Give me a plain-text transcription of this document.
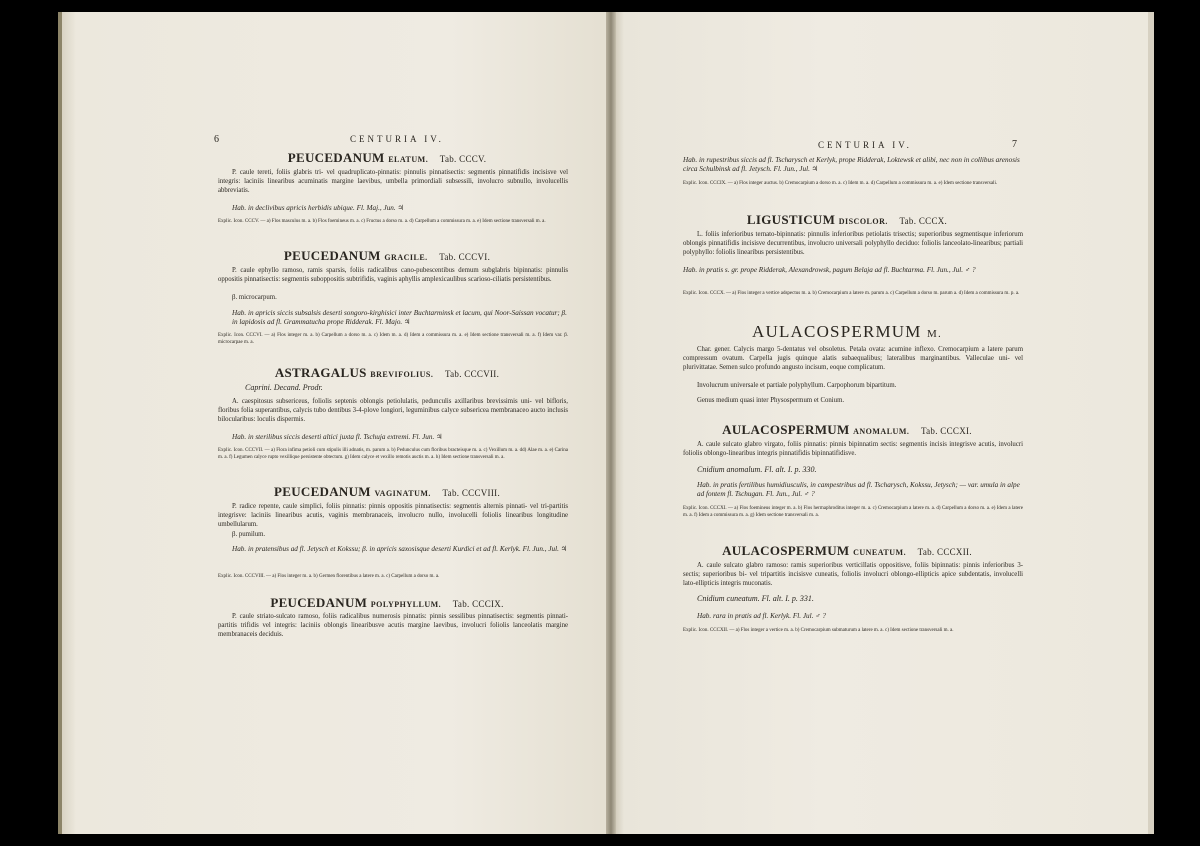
6	CENTURIA IV.
PEUCEDANUM ELATUM. Tab. CCCV.

P. caule tereti, foliis glabris tri- vel quadruplicato-pinnatis: pinnulis pinnatisectis: segmentis pinnatifidis incisisve vel integris: laciniis linearibus acuminatis margine laevibus, umbella primordiali subsessili, involucro subnullo, involucellis abbreviatis.

Hab. in declivibus apricis herbidis ubique. Fl. Maj., Jun. ♃

Explic. Icon. CCCV. — a) Flos masculus m. a. b) Flos foemineus m. a. c) Fructus a dorso m. a. d) Carpellum a commissura m. a. e) Idem sectione transversali m. a.

PEUCEDANUM GRACILE. Tab. CCCVI.

P. caule ephyllo ramoso, ramis sparsis, foliis radicalibus cano-pubescentibus demum subglabris bipinnatis: pinnulis oppositis pinnatisectis: segmentis suboppositis subtrifidis, vaginis aphyllis amplexicaulibus scarioso-ciliatis persistentibus.

β. microcarpum.

Hab. in apricis siccis subsalsis deserti songoro-kirghisici inter Buchtarminsk et lacum, qui Noor-Saissan vocatur; β. in lapidosis ad fl. Grammatucha prope Ridderak. Fl. Majo. ♃

Explic. Icon. CCCVI. — a) Flos integer m. a. b) Carpellum a dorso m. a. c) Idem m. a. d) Idem a commissura m. a. e) Idem sectione transversali m. a. f) Idem var. β. microcarpae m. a.

ASTRAGALUS BREVIFOLIUS. Tab. CCCVII.

Caprini. Decand. Prodr.

A. caespitosus subsericeus, foliolis septenis oblongis petiolulatis, pedunculis axillaribus brevissimis uni- vel bifloris, floribus folia superantibus, calycis tubo dentibus 3-4-plove longiori, leguminibus calyce subsericea membranaceo aucto inclusis bilocularibus: loculis dispermis.

Hab. in sterilibus siccis deserti altici juxta fl. Tschuja extremi. Fl. Jun. ♃

Explic. Icon. CCCVII. — a) Flora infima petioli cum stipulis illi adnatis, m. parum a. b) Pedunculus cum floribus bracteisque m. a. c) Vexillum m. a. dd) Alae m. a. e) Carina m. a. f) Legumen calyce rupto vexillique persistente obtectum. g) Idem calyce et vexillo remotis auctis m. a. h) Idem sectione transversali m. a.

PEUCEDANUM VAGINATUM. Tab. CCCVIII.

P. radice repente, caule simplici, foliis pinnatis: pinnis oppositis pinnatisectis: segmentis alternis pinnati- vel tri-partitis integrisve: laciniis linearibus acutis, vaginis membranaceis, involucro nullo, involucelli foliolis linearibus longitudine umbellularum.

β. pumilum.

Hab. in pratensibus ad fl. Jetysch et Kokssu; β. in apricis saxosisque deserti Kurdici et ad fl. Kerlyk. Fl. Jun., Jul. ♃

Explic. Icon. CCCVIII. — a) Flos integer m. a. b) Germen florentibus a latere m. a. c) Carpellum a dorso m. a.

PEUCEDANUM POLYPHYLLUM. Tab. CCCIX.

P. caule striato-sulcato ramoso, foliis radicalibus numerosis pinnatis: pinnis sessilibus pinnatisectis: segmentis pinnati-partitis trifidis vel integris: laciniis oblongis linearibusve acutis margine laevibus, involucri foliolis lanceolatis margine membranaceis deciduis.

CENTURIA IV.	7

Hab. in rupestribus siccis ad fl. Tscharysch et Kerlyk, prope Ridderak, Loktewsk et alibi, nec non in collibus arenosis circa Schulbinsk ad fl. Jetysch. Fl. Jun., Jul. ♃

Explic. Icon. CCCIX. — a) Flos integer auctus. b) Cremocarpium a dorso m. a. c) Idem m. a. d) Carpellum a commissura m. a. e) Idem sectione transversali.

LIGUSTICUM DISCOLOR. Tab. CCCX.

L. foliis inferioribus ternato-bipinnatis: pinnulis inferioribus petiolatis trisectis; superioribus segmentisque inferiorum oblongis pinnatifidis incisisve decurrentibus, involucro universali polyphyllo deciduo: foliolis lanceolato-linearibus; partiali polyphyllo: foliolis linearibus persistentibus.

Hab. in pratis s. gr. prope Ridderak, Alexandrowsk, pagum Belaja ad fl. Buchtarma. Fl. Jun., Jul. ♂ ?

Explic. Icon. CCCX. — a) Flos integer a vertice adspectus m. a. b) Cremocarpium a latere m. parum a. c) Carpellum a dorso m. parum a. d) Idem a commissura m. p. a.

AULACOSPERMUM M.

Char. gener. Calycis margo 5-dentatus vel obsoletus. Petala ovata: acumine inflexo. Cremocarpium a latere parum compressum ovatum. Carpella jugis quinque alatis subaequalibus; lateralibus marginantibus. Valleculae uni- vel plurivittatae. Semen sulco profundo angusto incisum, eoque complicatum.

Involucrum universale et partiale polyphyllum. Carpophorum bipartitum.

Genus medium quasi inter Physospermum et Conium.

AULACOSPERMUM ANOMALUM. Tab. CCCXI.

A. caule sulcato glabro virgato, foliis pinnatis: pinnis bipinnatim sectis: segmentis incisis integrisve acutis, involucri foliolis oblongo-linearibus integris pinnatifidis bipinnatifidisve.

Cnidium anomalum. Fl. alt. I. p. 330.

Hab. in pratis fertilibus humidiusculis, in campestribus ad fl. Tscharysch, Kokssu, Jetysch; — var. umula in alpe ad fontem fl. Tschugan. Fl. Jun., Jul. ♂ ?

Explic. Icon. CCCXI. — a) Flos foemineus integer m. a. b) Flos hermaphroditus integer m. a. c) Cremocarpium a latere m. a. d) Carpellum a dorso m. a. e) Idem a latere m. a. f) Idem a commissura m. a. g) Idem sectione transversali m. a.

AULACOSPERMUM CUNEATUM. Tab. CCCXII.

A. caule sulcato glabro ramoso: ramis superioribus verticillatis oppositisve, foliis bipinnatis: pinnis inferioribus 3-sectis; superioribus bi- vel tripartitis incisisve cuneatis, foliolis involucri oblongo-ellipticis apice subdentatis, involucelli lato-ellipticis integris muconatis.

Cnidium cuneatum. Fl. alt. I. p. 331.

Hab. rara in pratis ad fl. Kerlyk. Fl. Jul. ♂ ?

Explic. Icon. CCCXII. — a) Flos integer a vertice m. a. b) Cremocarpium submaturum a latere m. a. c) Idem sectione transversali m. a.
